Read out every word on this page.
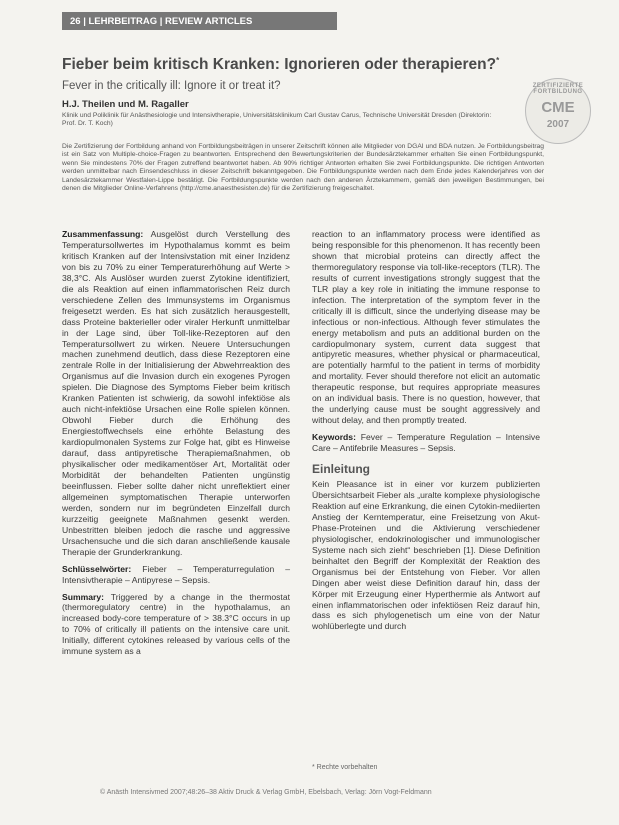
26 | LEHRBEITRAG | REVIEW ARTICLES
Fieber beim kritisch Kranken: Ignorieren oder therapieren?*
Fever in the critically ill: Ignore it or treat it?
H.J. Theilen und M. Ragaller
Klinik und Poliklinik für Anästhesiologie und Intensivtherapie, Universitätsklinikum Carl Gustav Carus, Technische Universität Dresden (Direktorin: Prof. Dr. T. Koch)
ZERTIFIZIERTE FORTBILDUNG
CME
2007
Die Zertifizierung der Fortbildung anhand von Fortbildungsbeiträgen in unserer Zeitschrift können alle Mitglieder von DGAI und BDA nutzen. Je Fortbildungsbeitrag ist ein Satz von Multiple-choice-Fragen zu beantworten. Entsprechend den Bewertungskriterien der Bundesärztekammer erhalten Sie einen Fortbildungspunkt, wenn Sie mindestens 70% der Fragen zutreffend beantwortet haben. Ab 90% richtiger Antworten erhalten Sie zwei Fortbildungspunkte. Die richtigen Antworten werden unmittelbar nach Einsendeschluss in dieser Zeitschrift bekanntgegeben. Die Fortbildungspunkte werden nach dem Ende jedes Kalenderjahres von der Landesärztekammer Westfalen-Lippe bestätigt. Die Fortbildungspunkte werden nach den anderen Ärztekammern, gemäß den jeweiligen Bestimmungen, bei denen die Mitglieder Online-Verfahrens (http://cme.anaesthesisten.de) für die Zertifizierung freigeschaltet.

Zusammenfassung: Ausgelöst durch Verstellung des Temperatursollwertes im Hypothalamus kommt es beim kritisch Kranken auf der Intensivstation mit einer Inzidenz von bis zu 70% zu einer Temperaturerhöhung auf Werte > 38,3°C. Als Auslöser wurden zuerst Zytokine identifiziert, die als Reaktion auf einen inflammatorischen Reiz durch verschiedene Zellen des Immunsystems im Organismus freigesetzt werden. Es hat sich zusätzlich herausgestellt, dass Proteine bakterieller oder viraler Herkunft unmittelbar in der Lage sind, über Toll-like-Rezeptoren auf den Temperatursollwert zu wirken. Neuere Untersuchungen machen zunehmend deutlich, dass diese Rezeptoren eine zentrale Rolle in der Initialisierung der Abwehrreaktion des Organismus auf die Invasion durch ein exogenes Pyrogen spielen. Die Diagnose des Symptoms Fieber beim kritisch Kranken Patienten ist schwierig, da sowohl infektiöse als auch nicht-infektiöse Ursachen eine Rolle spielen können. Obwohl Fieber durch die Erhöhung des Energiestoffwechsels eine erhöhte Belastung des kardiopulmonalen Systems zur Folge hat, gibt es Hinweise darauf, dass antipyretische Therapiemaßnahmen, ob physikalischer oder medikamentöser Art, Mortalität oder Morbidität der behandelten Patienten ungünstig beeinflussen. Fieber sollte daher nicht unreflektiert einer allgemeinen symptomatischen Therapie unterworfen werden, sondern nur im begründeten Einzelfall durch kurzzeitig geeignete Maßnahmen gesenkt werden. Unbestritten bleiben jedoch die rasche und aggressive Ursachensuche und die sich daran anschließende kausale Therapie der Grunderkrankung.

Schlüsselwörter: Fieber – Temperaturregulation – Intensivtherapie – Antipyrese – Sepsis.

Summary: Triggered by a change in the thermostat (thermoregulatory centre) in the hypothalamus, an increased body-core temperature of > 38.3°C occurs in up to 70% of critically ill patients on the intensive care unit. Initially, different cytokines released by various cells of the immune system as a

reaction to an inflammatory process were identified as being responsible for this phenomenon. It has recently been shown that microbial proteins can directly affect the thermoregulatory response via toll-like-receptors (TLR). The results of current investigations strongly suggest that the TLR play a key role in initiating the immune response to infection. The interpretation of the symptom fever in the critically ill is difficult, since the underlying disease may be infectious or non-infectious. Although fever stimulates the energy metabolism and puts an additional burden on the cardiopulmonary system, current data suggest that antipyretic measures, whether physical or pharmaceutical, are potentially harmful to the patient in terms of morbidity and mortality. Fever should therefore not elicit an automatic therapeutic response, but requires appropriate measures on an individual basis. There is no question, however, that the underlying cause must be sought aggressively and without delay, and then promptly treated.

Keywords: Fever – Temperature Regulation – Intensive Care – Antifebrile Measures – Sepsis.

Einleitung

Kein Pleasance ist in einer vor kurzem publizierten Übersichtsarbeit Fieber als „uralte komplexe physiologische Reaktion auf eine Erkrankung, die einen Cytokin-mediierten Anstieg der Kerntemperatur, eine Freisetzung von Akut-Phase-Proteinen und die Aktivierung verschiedener physiologischer, endokrinologischer und immunologischer Systeme nach sich zieht“ beschrieben [1]. Diese Definition beinhaltet den Begriff der Komplexität der Reaktion des Organismus bei der Entstehung von Fieber. Vor allen Dingen aber weist diese Definition darauf hin, dass der Körper mit Erzeugung einer Hyperthermie als Antwort auf einen inflammatorischen oder infektiösen Reiz darauf hin, dass es sich phylogenetisch um eine von der Natur wohlüberlegte und durch

* Rechte vorbehalten
© Anästh Intensivmed 2007;48:26–38 Aktiv Druck & Verlag GmbH, Ebelsbach, Verlag: Jörn Vogt-Feldmann
